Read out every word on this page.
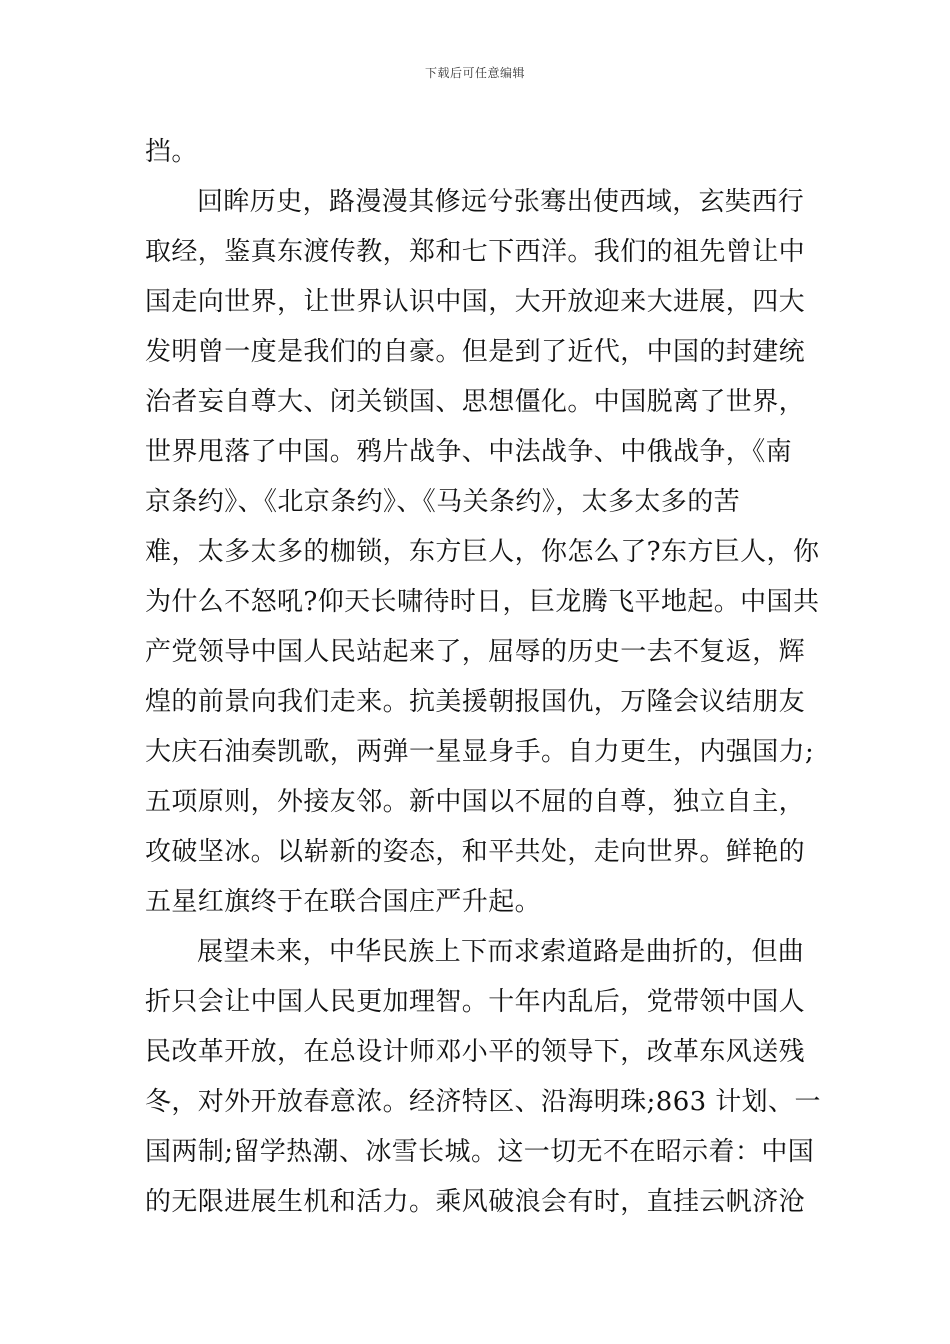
下载后可任意编辑
挡。
回眸历史，路漫漫其修远兮张骞出使西域，玄奘西行
取经，鉴真东渡传教，郑和七下西洋。我们的祖先曾让中
国走向世界，让世界认识中国，大开放迎来大进展，四大
发明曾一度是我们的自豪。但是到了近代，中国的封建统
治者妄自尊大、闭关锁国、思想僵化。中国脱离了世界，
世界甩落了中国。鸦片战争、中法战争、中俄战争，《南
京条约》、《北京条约》、《马关条约》，太多太多的苦
难，太多太多的枷锁，东方巨人，你怎么了?东方巨人，你
为什么不怒吼?仰天长啸待时日，巨龙腾飞平地起。中国共
产党领导中国人民站起来了，屈辱的历史一去不复返，辉
煌的前景向我们走来。抗美援朝报国仇，万隆会议结朋友
大庆石油奏凯歌，两弹一星显身手。自力更生，内强国力;
五项原则，外接友邻。新中国以不屈的自尊，独立自主，
攻破坚冰。以崭新的姿态，和平共处，走向世界。鲜艳的
五星红旗终于在联合国庄严升起。
展望未来，中华民族上下而求索道路是曲折的，但曲
折只会让中国人民更加理智。十年内乱后，党带领中国人
民改革开放，在总设计师邓小平的领导下，改革东风送残
冬，对外开放春意浓。经济特区、沿海明珠;863 计划、一
国两制;留学热潮、冰雪长城。这一切无不在昭示着：中国
的无限进展生机和活力。乘风破浪会有时，直挂云帆济沧
